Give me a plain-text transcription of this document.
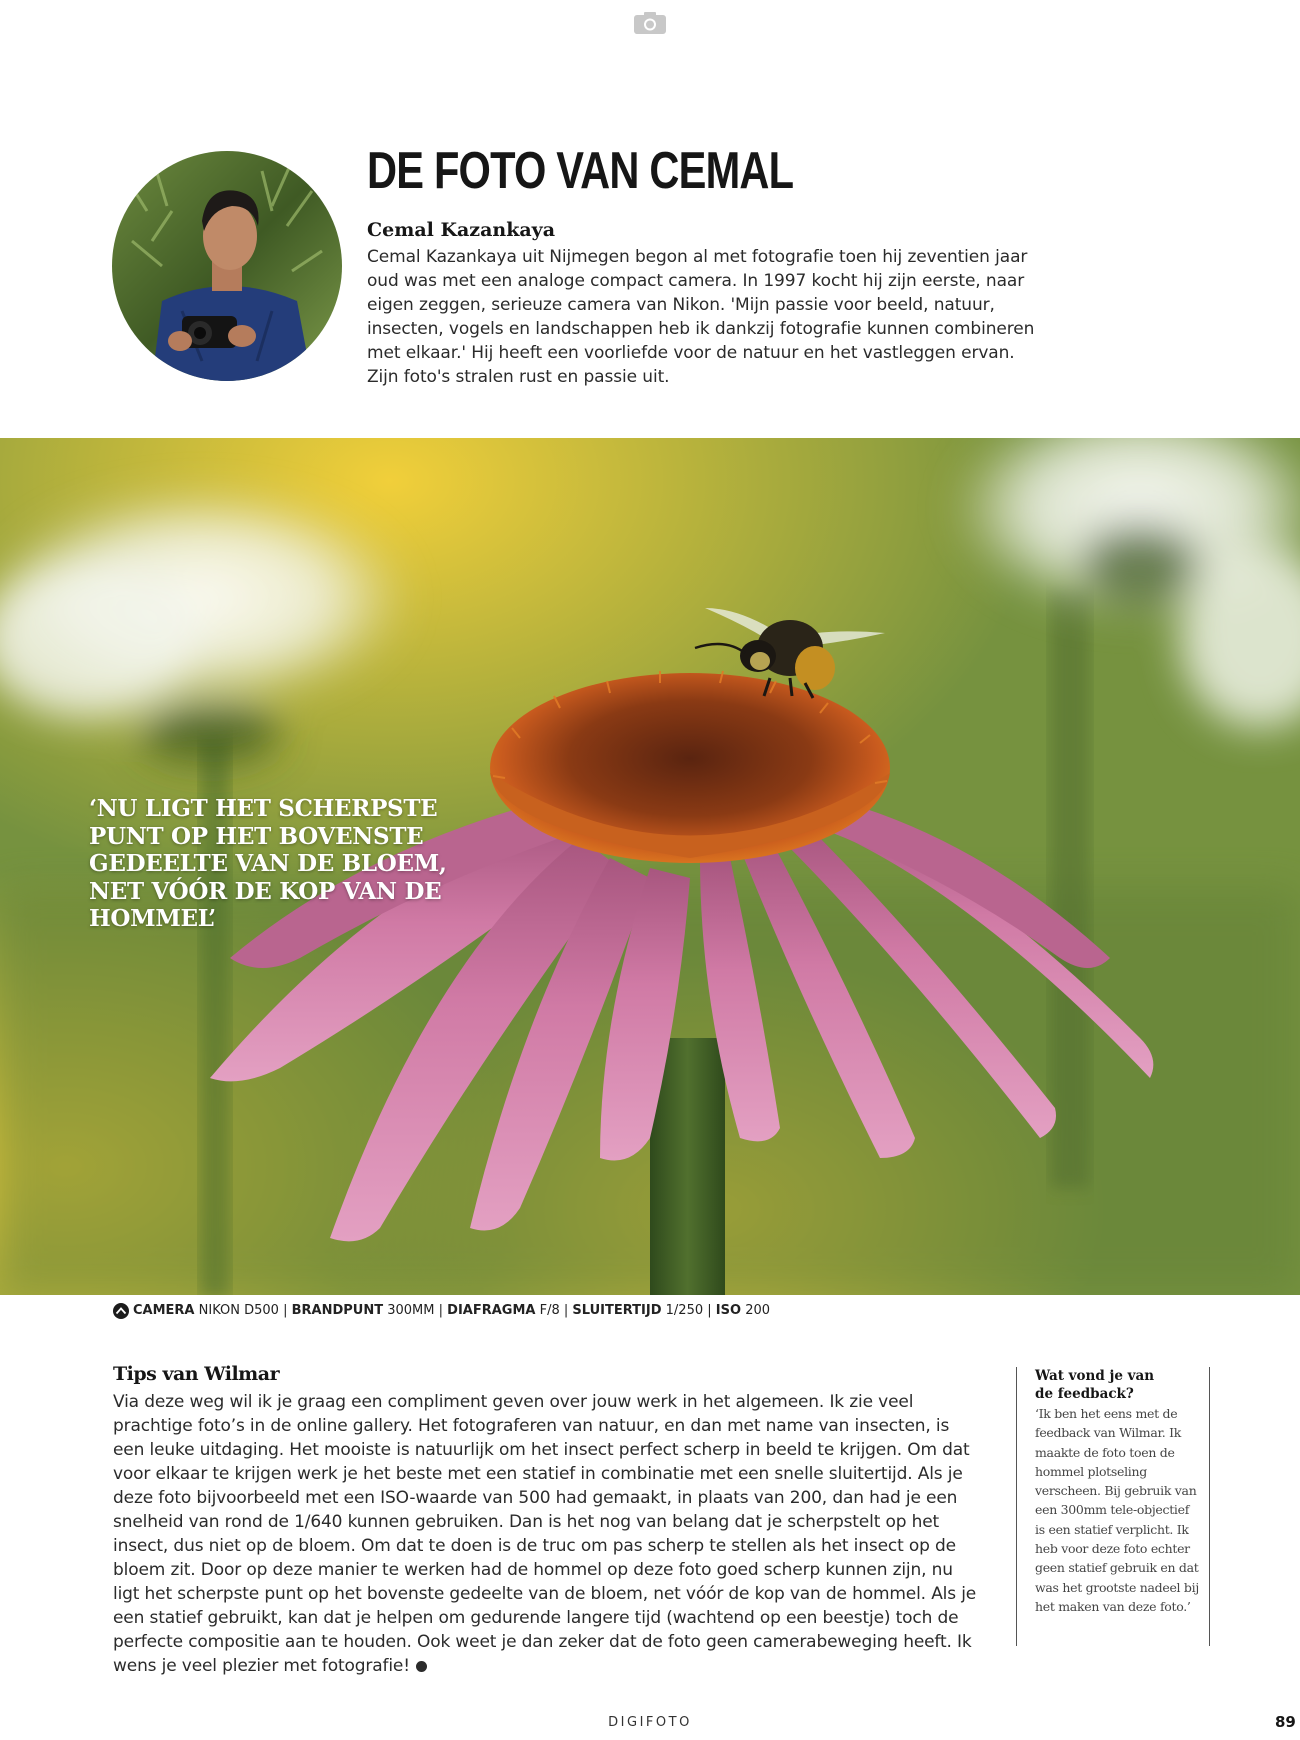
DE FOTO VAN CEMAL
Cemal Kazankaya
Cemal Kazankaya uit Nijmegen begon al met fotografie toen hij zeventien jaar oud was met een analoge compact camera. In 1997 kocht hij zijn eerste, naar eigen zeggen, serieuze camera van Nikon. 'Mijn passie voor beeld, natuur, insecten, vogels en landschappen heb ik dankzij fotografie kunnen combineren met elkaar.' Hij heeft een voorliefde voor de natuur en het vastleggen ervan. Zijn foto's stralen rust en passie uit.
‘NU LIGT HET SCHERPSTE PUNT OP HET BOVENSTE GEDEELTE VAN DE BLOEM, NET VÓÓR DE KOP VAN DE HOMMEL’
CAMERA
NIKON D500
|
BRANDPUNT
300MM
|
DIAFRAGMA
F/8
|
SLUITERTIJD
1/250
|
ISO
200
Tips van Wilmar
Via deze weg wil ik je graag een compliment geven over jouw werk in het algemeen. Ik zie veel prachtige foto’s in de online gallery. Het fotograferen van natuur, en dan met name van insecten, is een leuke uitdaging. Het mooiste is natuurlijk om het insect perfect scherp in beeld te krijgen. Om dat voor elkaar te krijgen werk je het beste met een statief in combinatie met een snelle sluitertijd. Als je deze foto bijvoorbeeld met een ISO-waarde van 500 had gemaakt, in plaats van 200, dan had je een snelheid van rond de 1/640 kunnen gebruiken. Dan is het nog van belang dat je scherpstelt op het insect, dus niet op de bloem. Om dat te doen is de truc om pas scherp te stellen als het insect op de bloem zit. Door op deze manier te werken had de hommel op deze foto goed scherp kunnen zijn, nu ligt het scherpste punt op het bovenste gedeelte van de bloem, net vóór de kop van de hommel. Als je een statief gebruikt, kan dat je helpen om gedurende langere tijd (wachtend op een beestje) toch de perfecte compositie aan te houden. Ook weet je dan zeker dat de foto geen camerabeweging heeft. Ik wens je veel plezier met fotografie!
Wat vond je van de feedback?
‘Ik ben het eens met de feedback van Wilmar. Ik maakte de foto toen de hommel plotseling verscheen. Bij gebruik van een 300mm tele-objectief is een statief verplicht. Ik heb voor deze foto echter geen statief gebruik en dat was het grootste nadeel bij het maken van deze foto.’
DIGIFOTO	89
